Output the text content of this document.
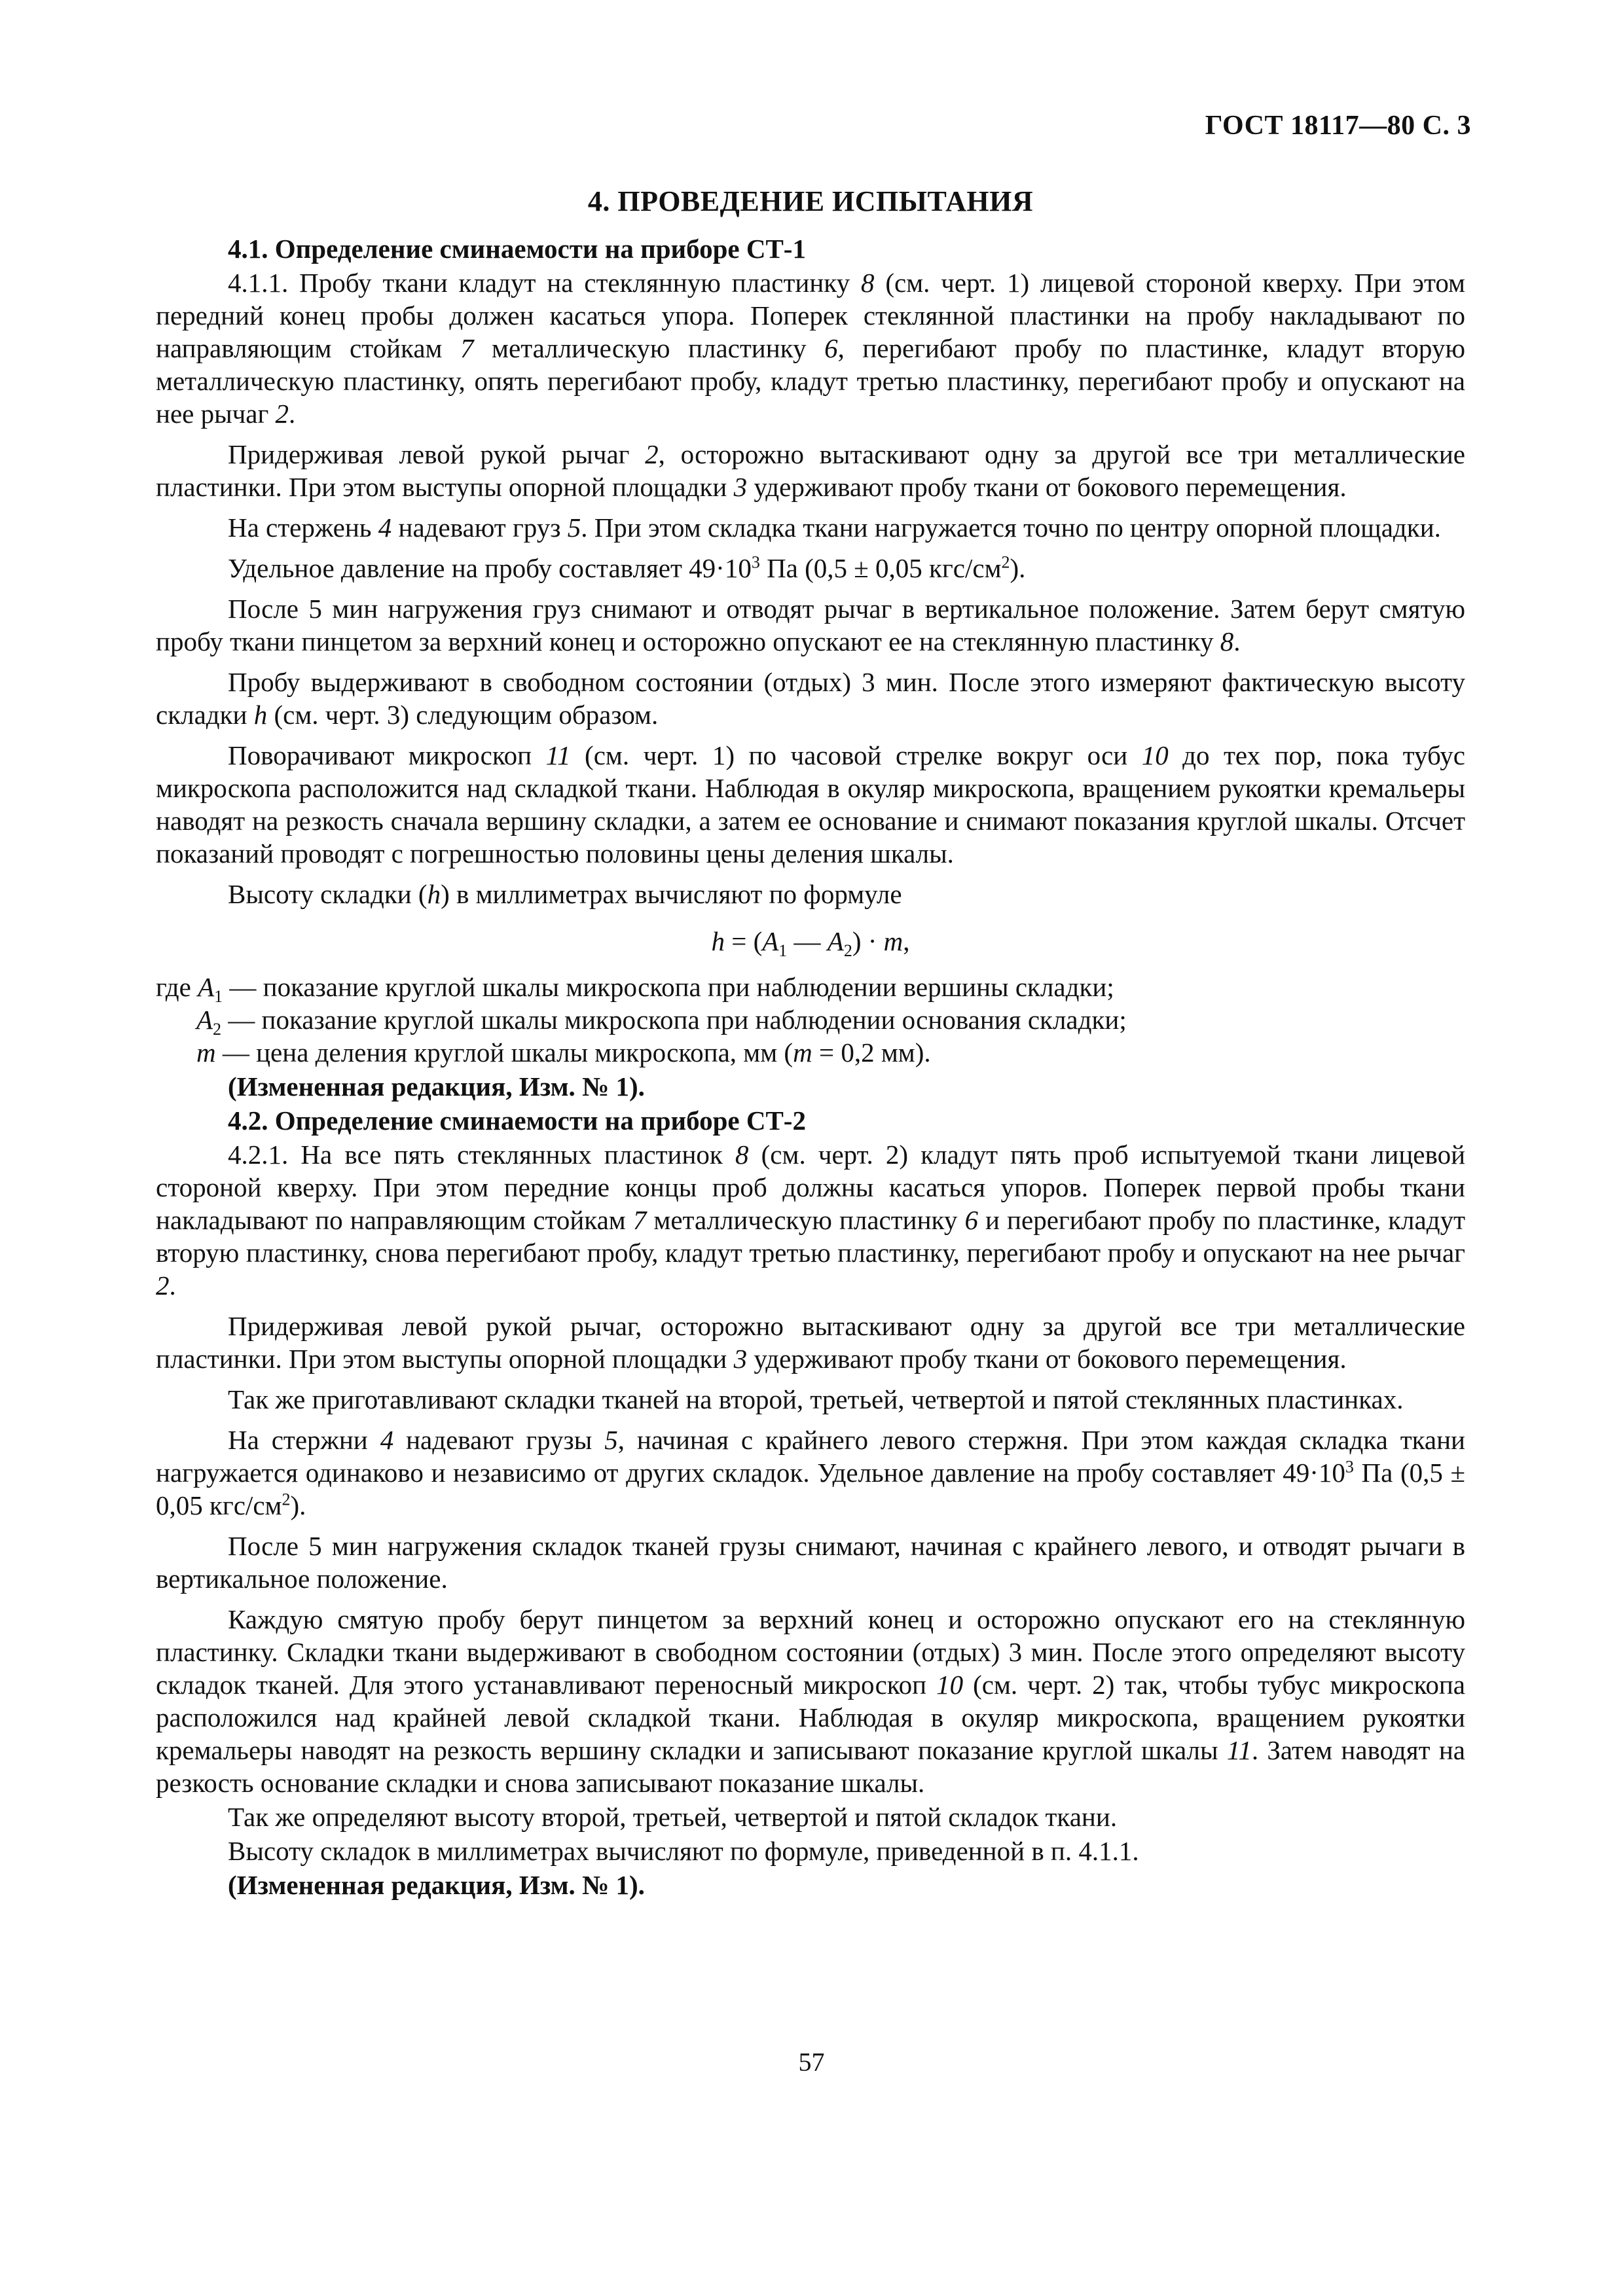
ГОСТ 18117—80 С. 3

4. ПРОВЕДЕНИЕ ИСПЫТАНИЯ

4.1. Определение сминаемости на приборе СТ-1

4.1.1. Пробу ткани кладут на стеклянную пластинку 8 (см. черт. 1) лицевой стороной кверху. При этом передний конец пробы должен касаться упора. Поперек стеклянной пластинки на пробу накладывают по направляющим стойкам 7 металлическую пластинку 6, перегибают пробу по пластинке, кладут вторую металлическую пластинку, опять перегибают пробу, кладут третью пластинку, перегибают пробу и опускают на нее рычаг 2.

Придерживая левой рукой рычаг 2, осторожно вытаскивают одну за другой все три металлические пластинки. При этом выступы опорной площадки 3 удерживают пробу ткани от бокового перемещения.

На стержень 4 надевают груз 5. При этом складка ткани нагружается точно по центру опорной площадки.

Удельное давление на пробу составляет $49\cdot 10^3$ Па (0,5 ± 0,05 кгс/$см^2$).

После 5 мин нагружения груз снимают и отводят рычаг в вертикальное положение. Затем берут смятую пробу ткани пинцетом за верхний конец и осторожно опускают ее на стеклянную пластинку 8.

Пробу выдерживают в свободном состоянии (отдых) 3 мин. После этого измеряют фактическую высоту складки h (см. черт. 3) следующим образом.

Поворачивают микроскоп 11 (см. черт. 1) по часовой стрелке вокруг оси 10 до тех пор, пока тубус микроскопа расположится над складкой ткани. Наблюдая в окуляр микроскопа, вращением рукоятки кремальеры наводят на резкость сначала вершину складки, а затем ее основание и снимают показания круглой шкалы. Отсчет показаний проводят с погрешностью половины цены деления шкалы.

Высоту складки (h) в миллиметрах вычисляют по формуле

$h = (A_1$ — $A_2) \cdot m$,

где $A_1$ — показание круглой шкалы микроскопа при наблюдении вершины складки;

$A_2$ — показание круглой шкалы микроскопа при наблюдении основания складки;

m — цена деления круглой шкалы микроскопа, мм (m = 0,2 мм).

(Измененная редакция, Изм. № 1).

4.2. Определение сминаемости на приборе СТ-2

4.2.1. На все пять стеклянных пластинок 8 (см. черт. 2) кладут пять проб испытуемой ткани лицевой стороной кверху. При этом передние концы проб должны касаться упоров. Поперек первой пробы ткани накладывают по направляющим стойкам 7 металлическую пластинку 6 и перегибают пробу по пластинке, кладут вторую пластинку, снова перегибают пробу, кладут третью пластинку, перегибают пробу и опускают на нее рычаг 2.

Придерживая левой рукой рычаг, осторожно вытаскивают одну за другой все три металлические пластинки. При этом выступы опорной площадки 3 удерживают пробу ткани от бокового перемещения.

Так же приготавливают складки тканей на второй, третьей, четвертой и пятой стеклянных пластинках.

На стержни 4 надевают грузы 5, начиная с крайнего левого стержня. При этом каждая складка ткани нагружается одинаково и независимо от других складок. Удельное давление на пробу составляет $49\cdot 10^3$ Па (0,5 ± 0,05 кгс/$см^2$).

После 5 мин нагружения складок тканей грузы снимают, начиная с крайнего левого, и отводят рычаги в вертикальное положение.

Каждую смятую пробу берут пинцетом за верхний конец и осторожно опускают его на стеклянную пластинку. Складки ткани выдерживают в свободном состоянии (отдых) 3 мин. После этого определяют высоту складок тканей. Для этого устанавливают переносный микроскоп 10 (см. черт. 2) так, чтобы тубус микроскопа расположился над крайней левой складкой ткани. Наблюдая в окуляр микроскопа, вращением рукоятки кремальеры наводят на резкость вершину складки и записывают показание круглой шкалы 11. Затем наводят на резкость основание складки и снова записывают показание шкалы.

Так же определяют высоту второй, третьей, четвертой и пятой складок ткани.

Высоту складок в миллиметрах вычисляют по формуле, приведенной в п. 4.1.1.

(Измененная редакция, Изм. № 1).

57
